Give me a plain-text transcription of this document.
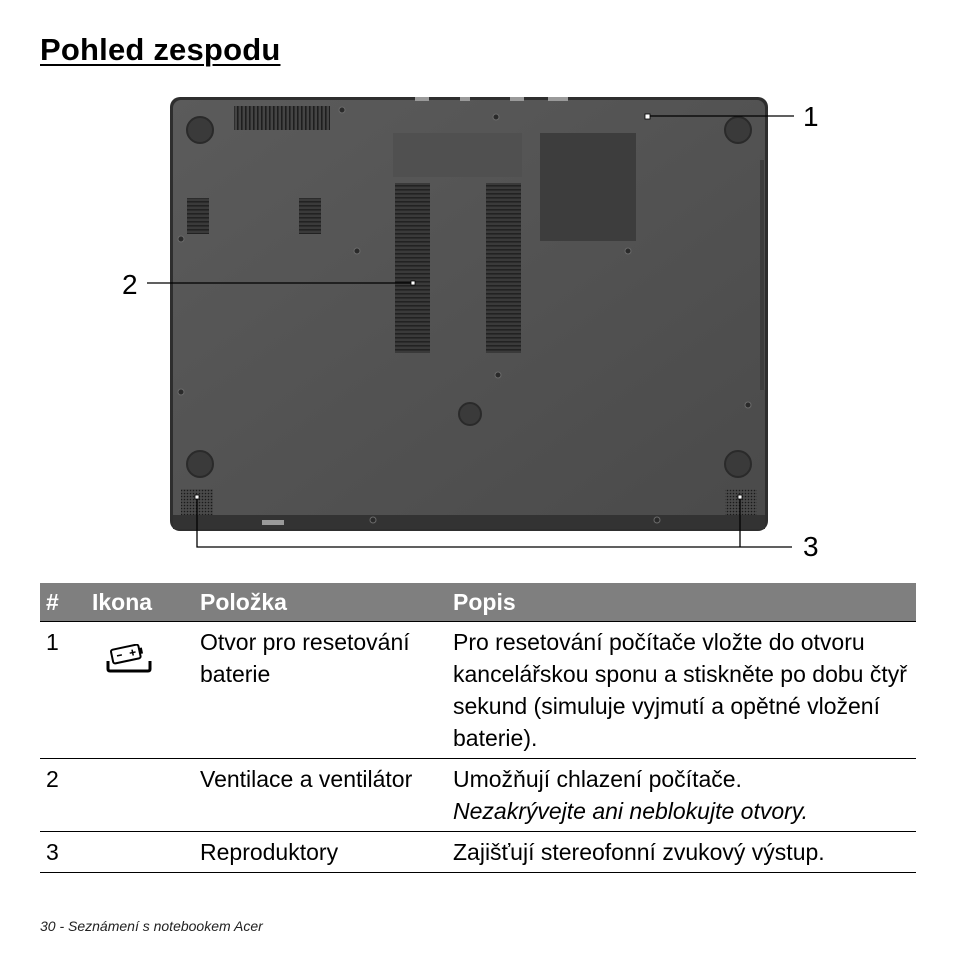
Pohled zespodu
1
2
3
#	Ikona	Položka	Popis
1		Otvor pro resetování baterie	Pro resetování počítače vložte do otvoru kancelářskou sponu a stiskněte po dobu čtyř sekund (simuluje vyjmutí a opětné vložení baterie).
2		Ventilace a ventilátor	Umožňují chlazení počítače.
Nezakrývejte ani neblokujte otvory.

3		Reproduktory	Zajišťují stereofonní zvukový výstup.
30 - Seznámení s notebookem Acer
